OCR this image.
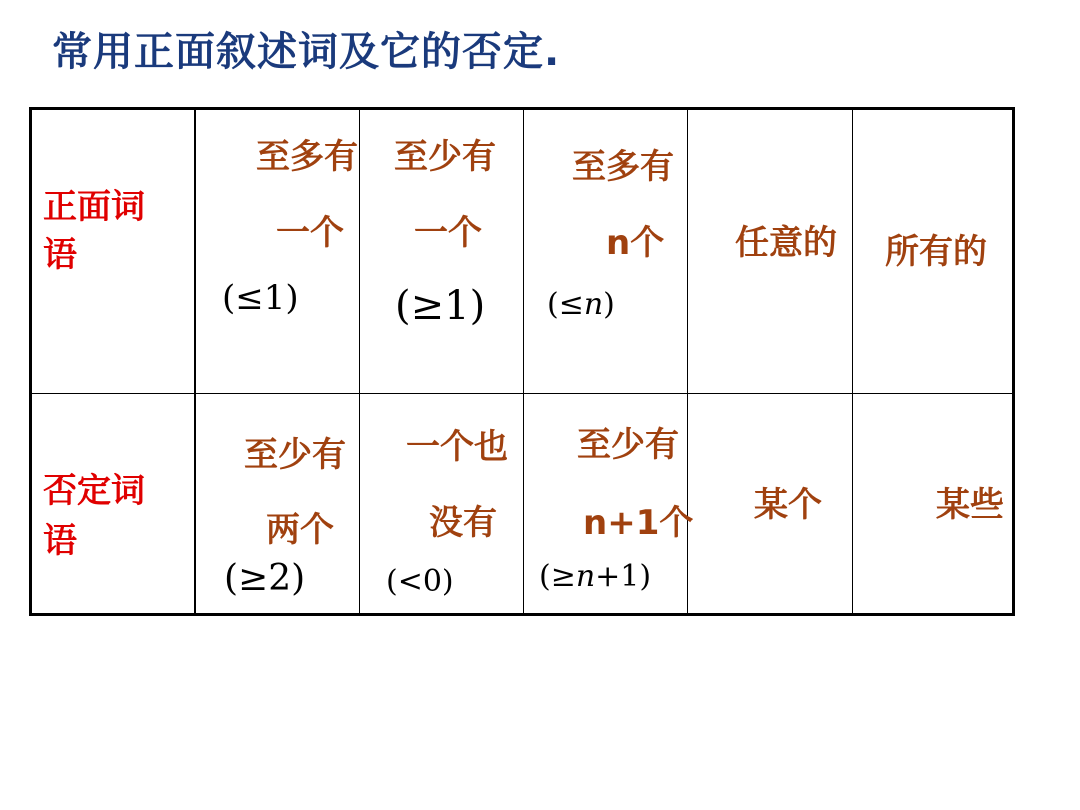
常用正面叙述词及它的否定.
正面词
语
至多有
一个
(≤1)
至少有
一个
(≥1)
至多有
n个
(≤n)
任意的 所有的
否定词
语
至少有
两个
(≥2)
一个也
没有
(<0)
至少有
n+1个
(≥n+1)
某个	某些
